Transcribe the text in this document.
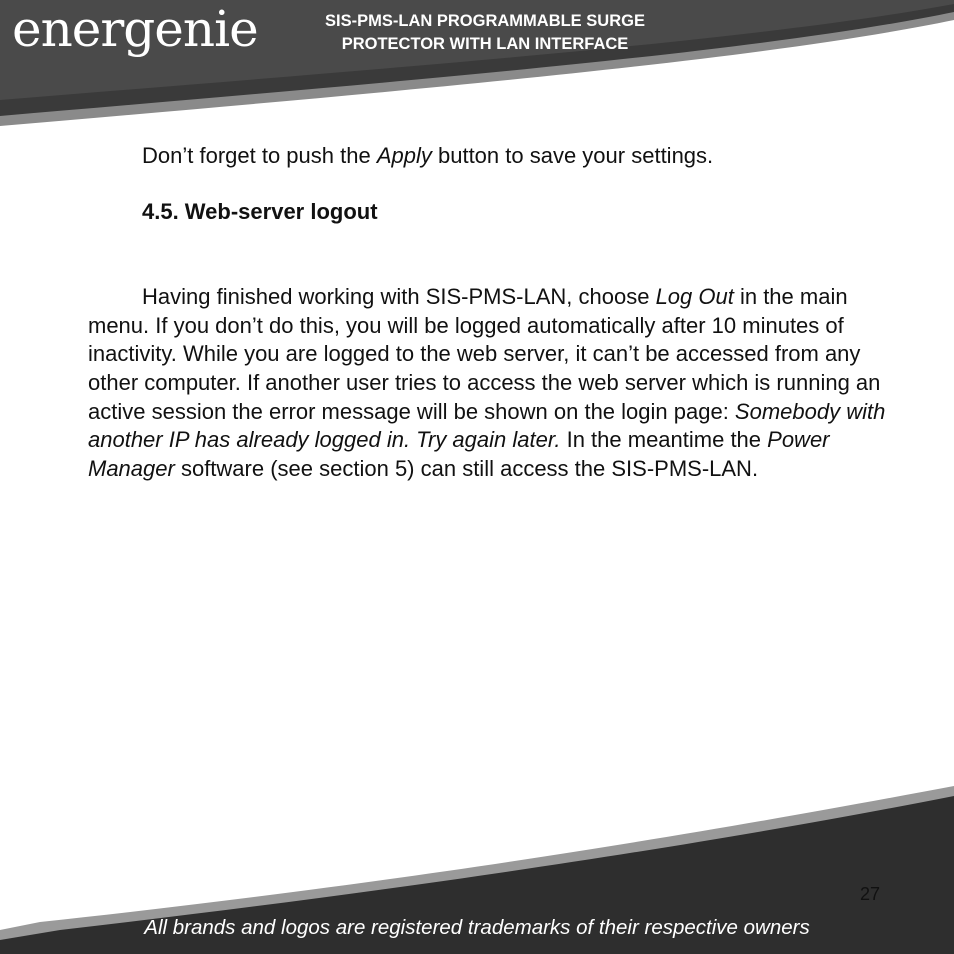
energenie	SIS-PMS-LAN PROGRAMMABLE SURGE
PROTECTOR WITH LAN INTERFACE

Don’t forget to push the Apply button to save your settings.

4.5. Web-server logout

Having finished working with SIS-PMS-LAN, choose Log Out in the main menu. If you don’t do this, you will be logged automatically after 10 minutes of inactivity. While you are logged to the web server, it can’t be accessed from any other computer. If another user tries to access the web server which is running an active session the error message will be shown on the login page: Somebody with another IP has already logged in. Try again later. In the meantime the Power Manager software (see section 5) can still access the SIS-PMS-LAN.

27
All brands and logos are registered trademarks of their respective owners
